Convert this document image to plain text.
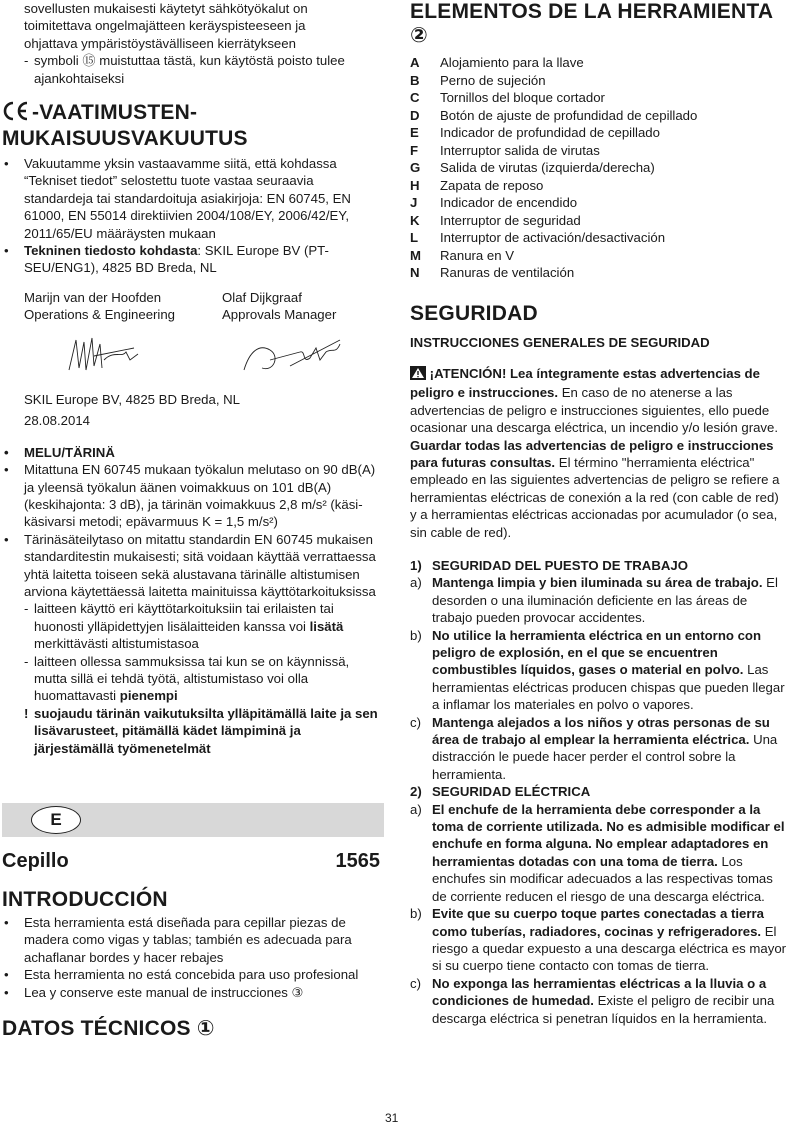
sovellusten mukaisesti käytetyt sähkötyökalut on

toimitettava ongelmajätteen keräyspisteeseen ja

ohjattava ympäristöystävälliseen kierrätykseen

- symboli ⑮ muistuttaa tästä, kun käytöstä poisto tulee ajankohtaiseksi

-VAATIMUSTEN-
MUKAISUUSVAKUUTUS

• Vakuutamme yksin vastaavamme siitä, että kohdassa “Tekniset tiedot” selostettu tuote vastaa seuraavia standardeja tai standardoituja asiakirjoja: EN 60745, EN 61000, EN 55014 direktiivien 2004/108/EY, 2006/42/EY, 2011/65/EU määräysten mukaan

• Tekninen tiedosto kohdasta: SKIL Europe BV (PT-SEU/ENG1), 4825 BD Breda, NL

Marijn van der Hoofden

Operations & Engineering

Olaf Dijkgraaf

Approvals Manager

SKIL Europe BV, 4825 BD Breda, NL

28.08.2014

• MELU/TÄRINÄ

• Mitattuna EN 60745 mukaan työkalun melutaso on 90 dB(A) ja yleensä työkalun äänen voimakkuus on 101 dB(A) (keskihajonta: 3 dB), ja tärinän voimakkuus 2,8 m/s² (käsi-käsivarsi metodi; epävarmuus K = 1,5 m/s²)

• Tärinäsäteilytaso on mitattu standardin EN 60745 mukaisen standarditestin mukaisesti; sitä voidaan käyttää verrattaessa yhtä laitetta toiseen sekä alustavana tärinälle altistumisen arviona käytettäessä laitetta mainituissa käyttötarkoituksissa

- laitteen käyttö eri käyttötarkoituksiin tai erilaisten tai huonosti ylläpidettyjen lisälaitteiden kanssa voi lisätä merkittävästi altistumistasoa

- laitteen ollessa sammuksissa tai kun se on käynnissä, mutta sillä ei tehdä työtä, altistumistaso voi olla huomattavasti pienempi

! suojaudu tärinän vaikutuksilta ylläpitämällä laite ja sen lisävarusteet, pitämällä kädet lämpiminä ja järjestämällä työmenetelmät

E
Cepillo	1565
INTRODUCCIÓN

• Esta herramienta está diseñada para cepillar piezas de madera como vigas y tablas; también es adecuada para achaflanar bordes y hacer rebajes

• Esta herramienta no está concebida para uso profesional

• Lea y conserve este manual de instrucciones ③

DATOS TÉCNICOS ①
ELEMENTOS DE LA HERRAMIENTA ②
A Alojamiento para la llave
B Perno de sujeción
C Tornillos del bloque cortador
D Botón de ajuste de profundidad de cepillado
E Indicador de profundidad de cepillado
F Interruptor salida de virutas
G Salida de virutas (izquierda/derecha)
H Zapata de reposo
J Indicador de encendido
K Interruptor de seguridad
L Interruptor de activación/desactivación
M Ranura en V
N Ranuras de ventilación
SEGURIDAD

INSTRUCCIONES GENERALES DE SEGURIDAD

¡ATENCIÓN! Lea íntegramente estas advertencias de peligro e instrucciones. En caso de no atenerse a las advertencias de peligro e instrucciones siguientes, ello puede ocasionar una descarga eléctrica, un incendio y/o lesión grave. Guardar todas las advertencias de peligro e instrucciones para futuras consultas. El término "herramienta eléctrica" empleado en las siguientes advertencias de peligro se refiere a herramientas eléctricas de conexión a la red (con cable de red) y a herramientas eléctricas accionadas por acumulador (o sea, sin cable de red).

1) SEGURIDAD DEL PUESTO DE TRABAJO

a) Mantenga limpia y bien iluminada su área de trabajo. El desorden o una iluminación deficiente en las áreas de trabajo pueden provocar accidentes.

b) No utilice la herramienta eléctrica en un entorno con peligro de explosión, en el que se encuentren combustibles líquidos, gases o material en polvo. Las herramientas eléctricas producen chispas que pueden llegar a inflamar los materiales en polvo o vapores.

c) Mantenga alejados a los niños y otras personas de su área de trabajo al emplear la herramienta eléctrica. Una distracción le puede hacer perder el control sobre la herramienta.

2) SEGURIDAD ELÉCTRICA

a) El enchufe de la herramienta debe corresponder a la toma de corriente utilizada. No es admisible modificar el enchufe en forma alguna. No emplear adaptadores en herramientas dotadas con una toma de tierra. Los enchufes sin modificar adecuados a las respectivas tomas de corriente reducen el riesgo de una descarga eléctrica.

b) Evite que su cuerpo toque partes conectadas a tierra como tuberías, radiadores, cocinas y refrigeradores. El riesgo a quedar expuesto a una descarga eléctrica es mayor si su cuerpo tiene contacto con tomas de tierra.

c) No exponga las herramientas eléctricas a la lluvia o a condiciones de humedad. Existe el peligro de recibir una descarga eléctrica si penetran líquidos en la herramienta.

31
